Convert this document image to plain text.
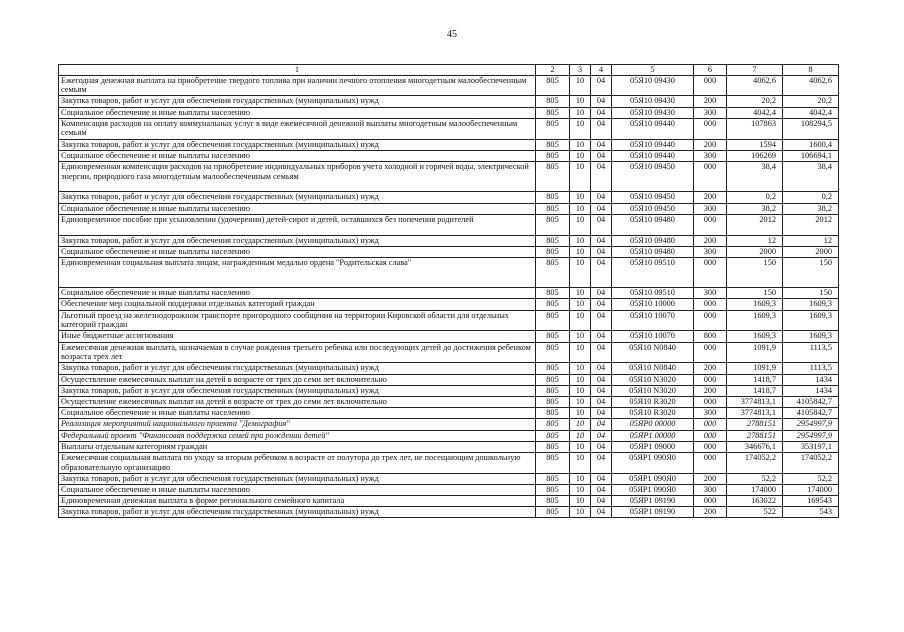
45
1	2	3	4	5	6	7	8
Ежегодная денежная выплата на приобретение твердого топлива при наличии печного отопления многодетным малообеспеченным семьям	805	10	04	05Я10 09430	000	4062,6	4062,6
Закупка товаров, работ и услуг для обеспечения государственных (муниципальных) нужд	805	10	04	05Я10 09430	200	20,2	20,2
Социальное обеспечение и иные выплаты населению	805	10	04	05Я10 09430	300	4042,4	4042,4
Компенсация расходов на оплату коммунальных услуг в виде ежемесячной денежной выплаты многодетным малообеспеченным семьям	805	10	04	05Я10 09440	000	107863	108294,5
Закупка товаров, работ и услуг для обеспечения государственных (муниципальных) нужд	805	10	04	05Я10 09440	200	1594	1600,4
Социальное обеспечение и иные выплаты населению	805	10	04	05Я10 09440	300	106269	106694,1
Единовременная компенсация расходов на приобретение индивидуальных приборов учета холодной и горячей воды, электрической энергии, природного газа многодетным малообеспеченным семьям	805	10	04	05Я10 09450	000	38,4	38,4
Закупка товаров, работ и услуг для обеспечения государственных (муниципальных) нужд	805	10	04	05Я10 09450	200	0,2	0,2
Социальное обеспечение и иные выплаты населению	805	10	04	05Я10 09450	300	38,2	38,2
Единовременное пособие при усыновлении (удочерении) детей-сирот и детей, оставшихся без попечения родителей	805	10	04	05Я10 09480	000	2012	2012
Закупка товаров, работ и услуг для обеспечения государственных (муниципальных) нужд	805	10	04	05Я10 09480	200	12	12
Социальное обеспечение и иные выплаты населению	805	10	04	05Я10 09480	300	2000	2000
Единовременная социальная выплата лицам, награжденным медалью ордена "Родительская слава"	805	10	04	05Я10 09510	000	150	150
Социальное обеспечение и иные выплаты населению	805	10	04	05Я10 09510	300	150	150
Обеспечение мер социальной поддержки отдельных категорий граждан	805	10	04	05Я10 10000	000	1609,3	1609,3
Льготный проезд на железнодорожном транспорте пригородного сообщения на территории Кировской области для отдельных категорий граждан	805	10	04	05Я10 10070	000	1609,3	1609,3
Иные бюджетные ассигнования	805	10	04	05Я10 10070	800	1609,3	1609,3
Ежемесячная денежная выплата, назначаемая в случае рождения третьего ребенка или последующих детей до достижения ребенком возраста трех лет	805	10	04	05Я10 N0840	000	1091,9	1113,5
Закупка товаров, работ и услуг для обеспечения государственных (муниципальных) нужд	805	10	04	05Я10 N0840	200	1091,9	1113,5
Осуществление ежемесячных выплат на детей в возрасте от трех до семи лет включительно	805	10	04	05Я10 N3020	000	1418,7	1434
Закупка товаров, работ и услуг для обеспечения государственных (муниципальных) нужд	805	10	04	05Я10 N3020	200	1418,7	1434
Осуществление ежемесячных выплат на детей в возрасте от трех до семи лет включительно	805	10	04	05Я10 R3020	000	3774813,1	4105842,7
Социальное обеспечение и иные выплаты населению	805	10	04	05Я10 R3020	300	3774813,1	4105842,7
Реализация мероприятий национального проекта "Демография"	805	10	04	05ЯР0 00000	000	2788151	2954997,9
Федеральный проект "Финансовая поддержка семей при рождении детей"	805	10	04	05ЯР1 00000	000	2788151	2954997,9
Выплаты отдельным категориям граждан	805	10	04	05ЯР1 09000	000	346676,1	353197,1
Ежемесячная социальная выплата по уходу за вторым ребенком в возрасте от полутора до трех лет, не посещающим дошкольную образовательную организацию	805	10	04	05ЯР1 090Я0	000	174052,2	174052,2
Закупка товаров, работ и услуг для обеспечения государственных (муниципальных) нужд	805	10	04	05ЯР1 090Я0	200	52,2	52,2
Социальное обеспечение и иные выплаты населению	805	10	04	05ЯР1 090Я0	300	174000	174000
Единовременная денежная выплата в форме регионального семейного капитала	805	10	04	05ЯР1 09190	000	163022	169543
Закупка товаров, работ и услуг для обеспечения государственных (муниципальных) нужд	805	10	04	05ЯР1 09190	200	522	543
